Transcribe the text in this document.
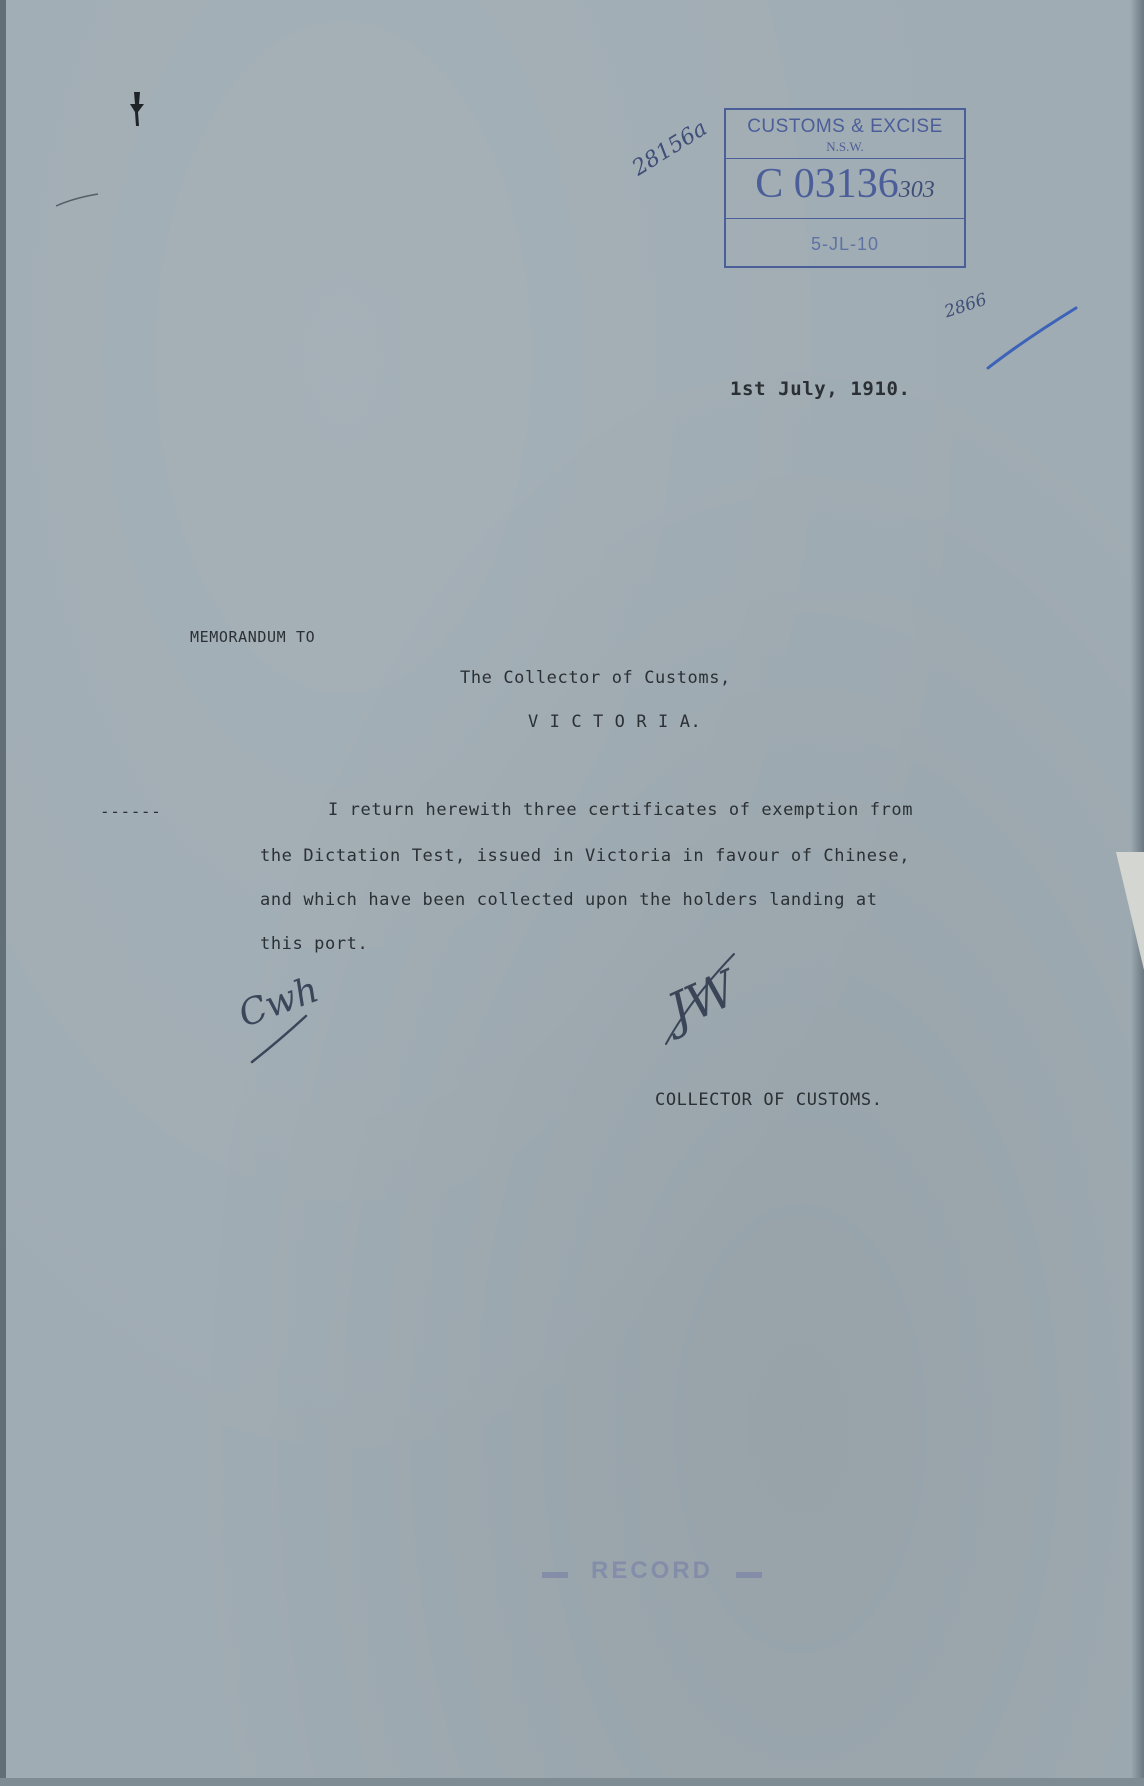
CUSTOMS & EXCISE
N.S.W.
C 03136303
5-JL-10
28156a
2866
1st July, 1910.
MEMORANDUM TO
The Collector of Customs,
V I C T O R I A.
------	I return herewith three certificates of exemption from
the Dictation Test, issued in Victoria in favour of Chinese,
and which have been collected upon the holders landing at
this port.
Cwh	JW
COLLECTOR OF CUSTOMS.
RECORD
